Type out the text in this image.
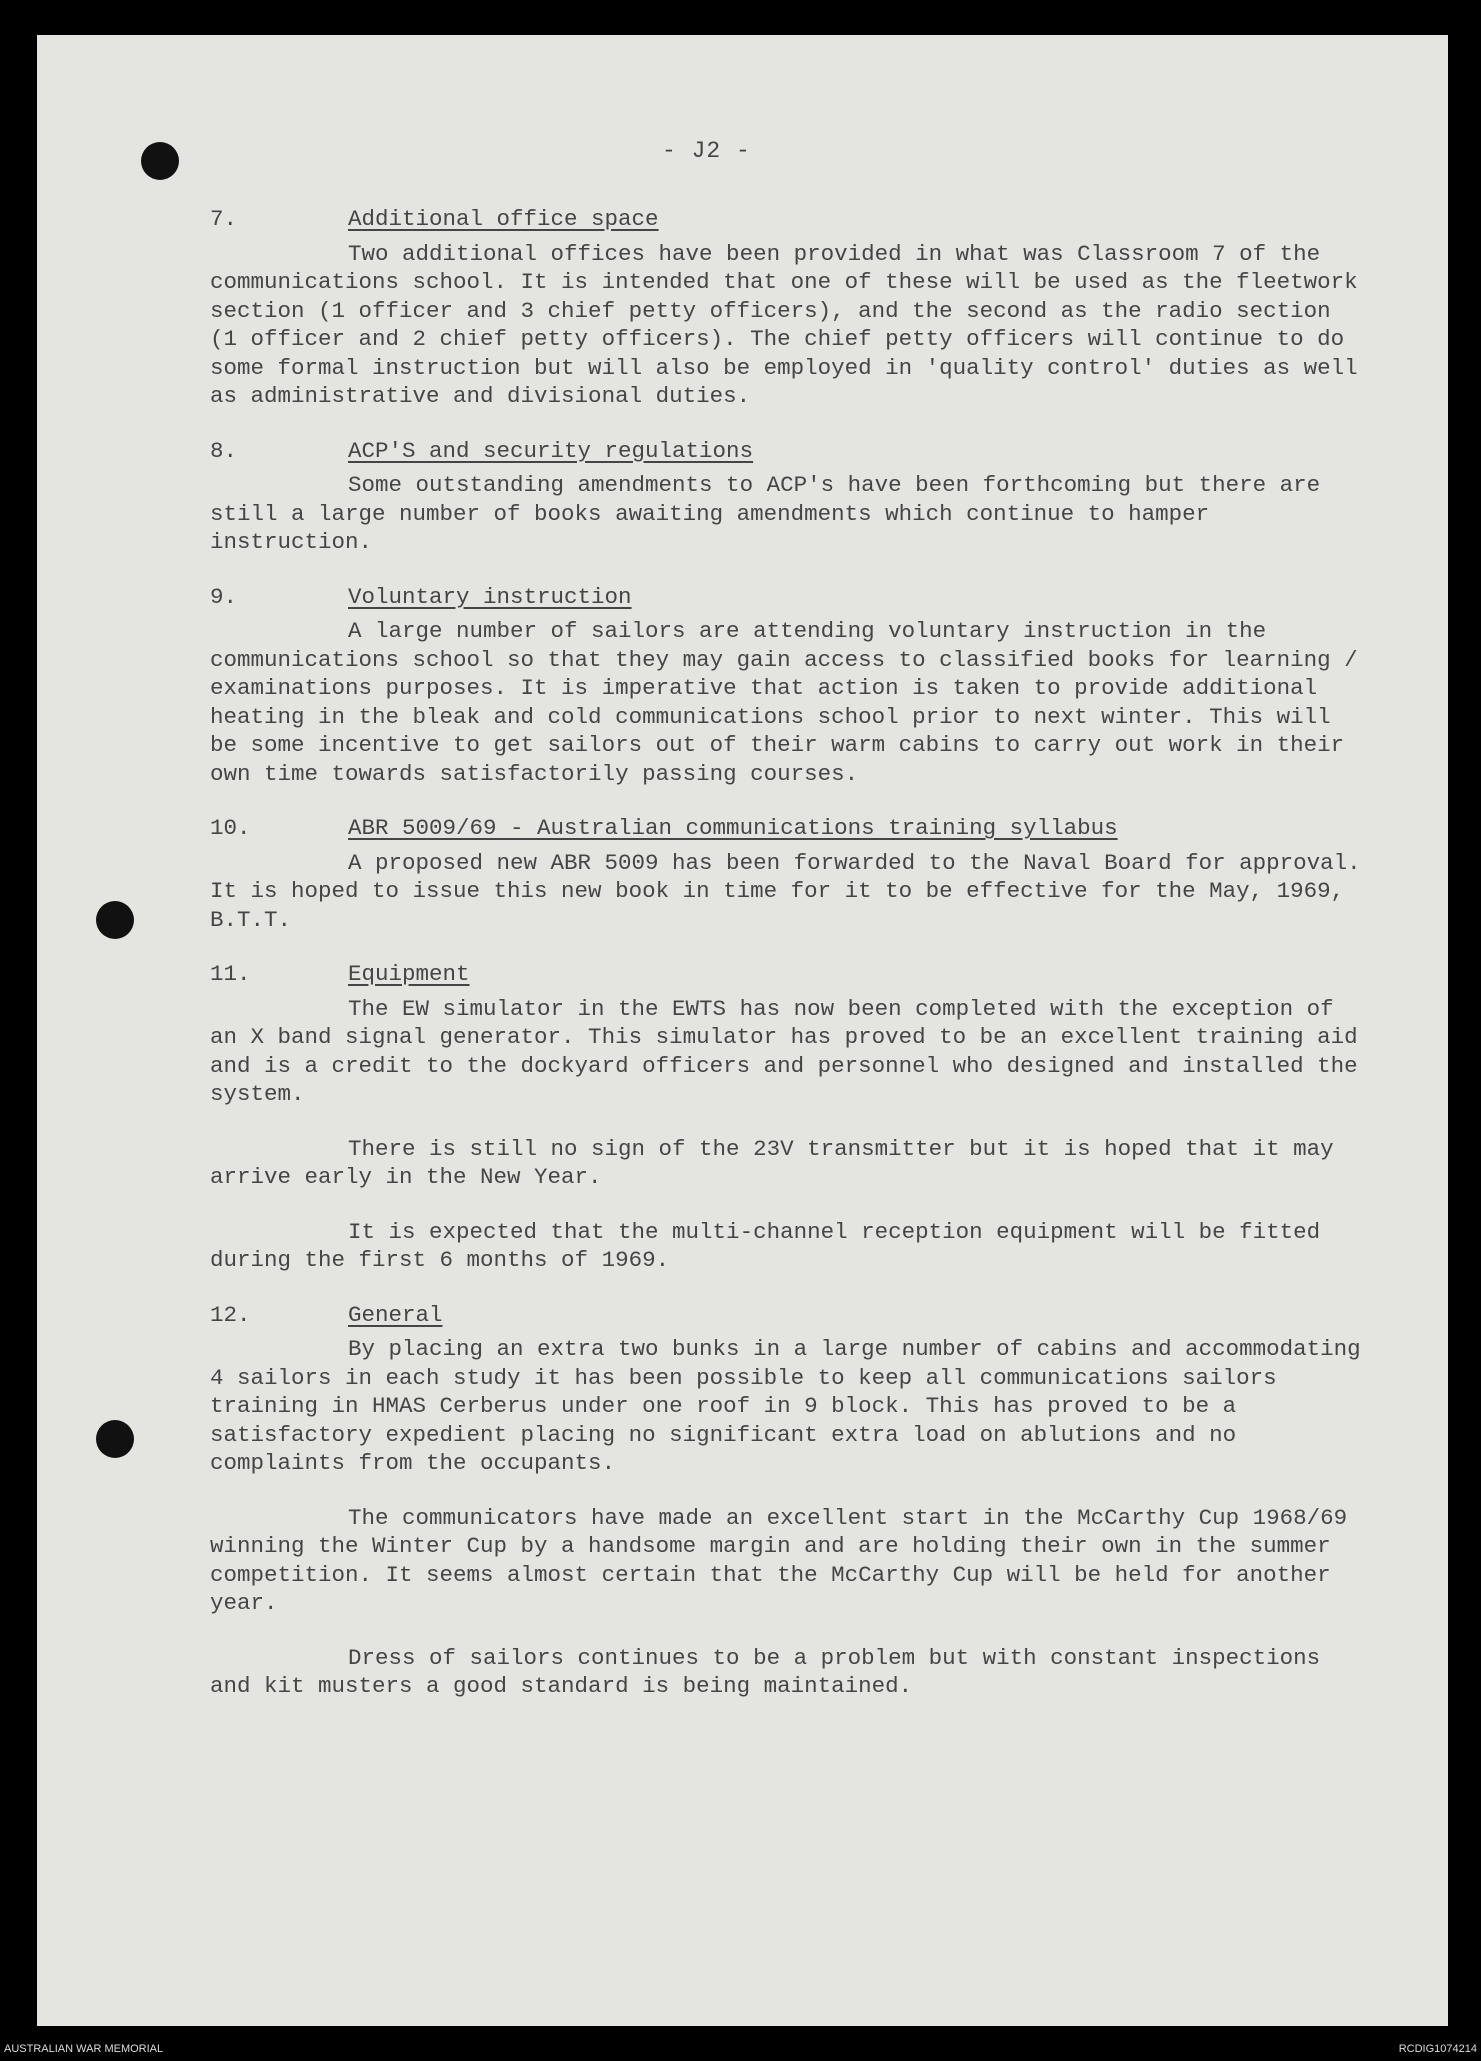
- J2 -
7.	Additional office space

Two additional offices have been provided in what was Classroom 7 of the communications school. It is intended that one of these will be used as the fleetwork section (1 officer and 3 chief petty officers), and the second as the radio section (1 officer and 2 chief petty officers). The chief petty officers will continue to do some formal instruction but will also be employed in 'quality control' duties as well as administrative and divisional duties.

8.	ACP'S and security regulations

Some outstanding amendments to ACP's have been forthcoming but there are still a large number of books awaiting amendments which continue to hamper instruction.

9.	Voluntary instruction

A large number of sailors are attending voluntary instruction in the communications school so that they may gain access to classified books for learning / examinations purposes. It is imperative that action is taken to provide additional heating in the bleak and cold communications school prior to next winter. This will be some incentive to get sailors out of their warm cabins to carry out work in their own time towards satisfactorily passing courses.

10.	ABR 5009/69 - Australian communications training syllabus

A proposed new ABR 5009 has been forwarded to the Naval Board for approval. It is hoped to issue this new book in time for it to be effective for the May, 1969, B.T.T.

11.	Equipment

The EW simulator in the EWTS has now been completed with the exception of an X band signal generator. This simulator has proved to be an excellent training aid and is a credit to the dockyard officers and personnel who designed and installed the system.

There is still no sign of the 23V transmitter but it is hoped that it may arrive early in the New Year.

It is expected that the multi-channel reception equipment will be fitted during the first 6 months of 1969.

12.	General

By placing an extra two bunks in a large number of cabins and accommodating 4 sailors in each study it has been possible to keep all communications sailors training in HMAS Cerberus under one roof in 9 block. This has proved to be a satisfactory expedient placing no significant extra load on ablutions and no complaints from the occupants.

The communicators have made an excellent start in the McCarthy Cup 1968/69 winning the Winter Cup by a handsome margin and are holding their own in the summer competition. It seems almost certain that the McCarthy Cup will be held for another year.

Dress of sailors continues to be a problem but with constant inspections and kit musters a good standard is being maintained.

AUSTRALIAN WAR MEMORIAL	RCDIG1074214
